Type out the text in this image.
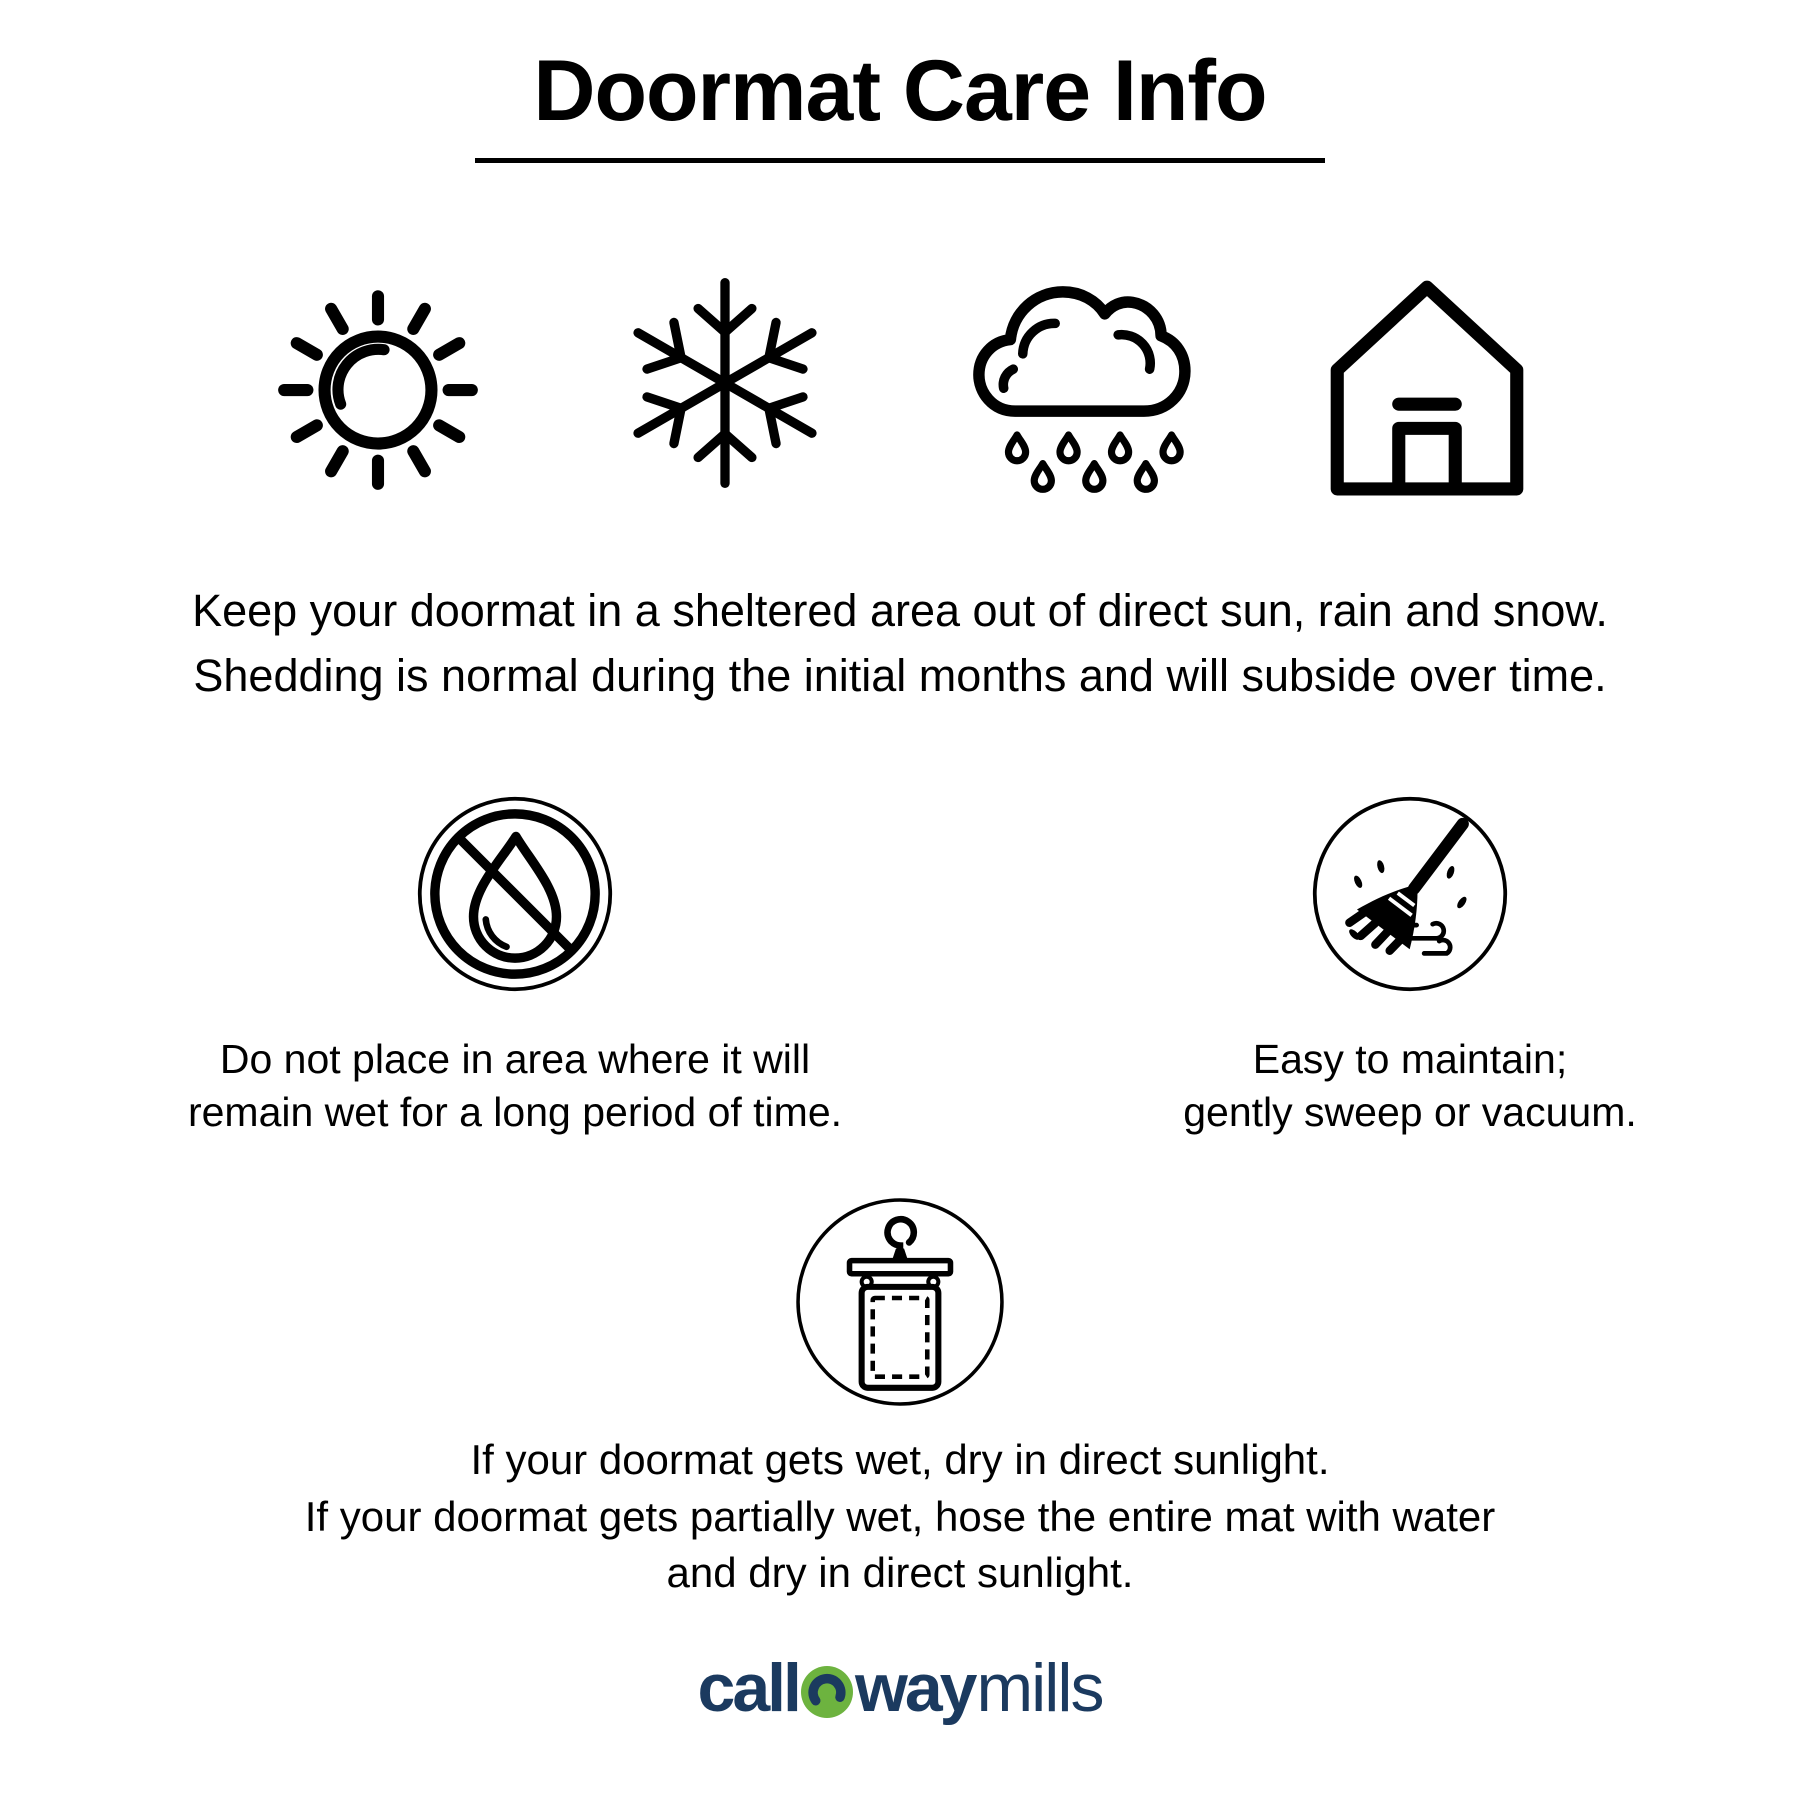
Doormat Care Info
Keep your doormat in a sheltered area out of direct sun, rain and snow.
Shedding is normal during the initial months and will subside over time.
Do not place in area where it will
remain wet for a long period of time.
Easy to maintain;
gently sweep or vacuum.
If your doormat gets wet, dry in direct sunlight.
If your doormat gets partially wet, hose the entire mat with water
and dry in direct sunlight.
call way mills
